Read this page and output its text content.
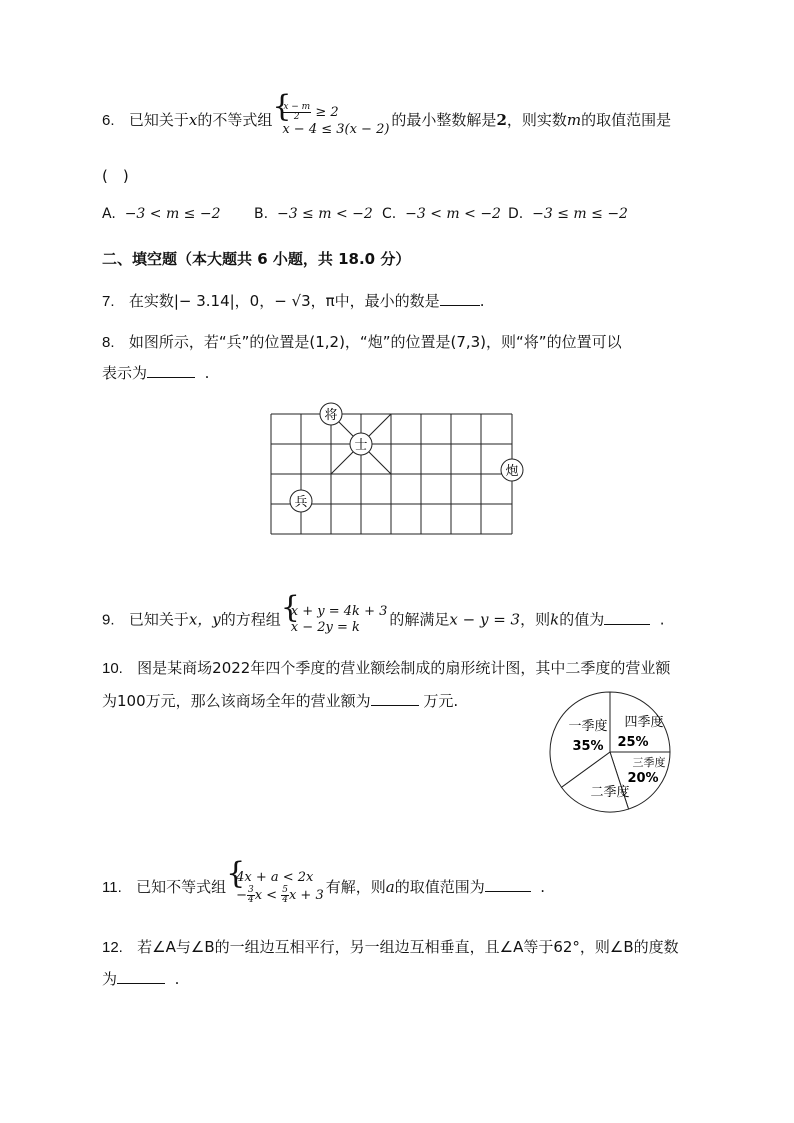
6. 已知关于x的不等式组 { $\frac{x - m}{2} \ge 2$
x − 4 ≤ 3(x − 2)
的最小整数解是2，则实数m的取值范围是
(　)
A. −3 < m ≤ −2 B. −3 ≤ m < −2 C. −3 < m < −2 D. −3 ≤ m ≤ −2
二、填空题（本大题共 6 小题，共 18.0 分）
7. 在实数|− 3.14|，0，− √3，π中，最小的数是	.
8. 如图所示，若“兵”的位置是(1,2)，“炮”的位置是(7,3)，则“将”的位置可以
表示为	.
将
士
炮
兵
9. 已知关于x，y的方程组 { x + y = 4k + 3
x − 2y = k	的解满足x − y = 3，则k的值为	.
10. 图是某商场2022年四个季度的营业额绘制成的扇形统计图，其中二季度的营业额
为100万元，那么该商场全年的营业额为	万元.
一季度
35%
四季度
25%
三季度
20%
二季度
11. 已知不等式组
{ 4x + a < 2x
− $\frac{3}{4}$ $x < \frac{5}{4}$ x + 3 有解，则a的取值范围为	.
12. 若∠A与∠B的一组边互相平行，另一组边互相垂直，且∠A等于62°，则∠B的度数
为	.
